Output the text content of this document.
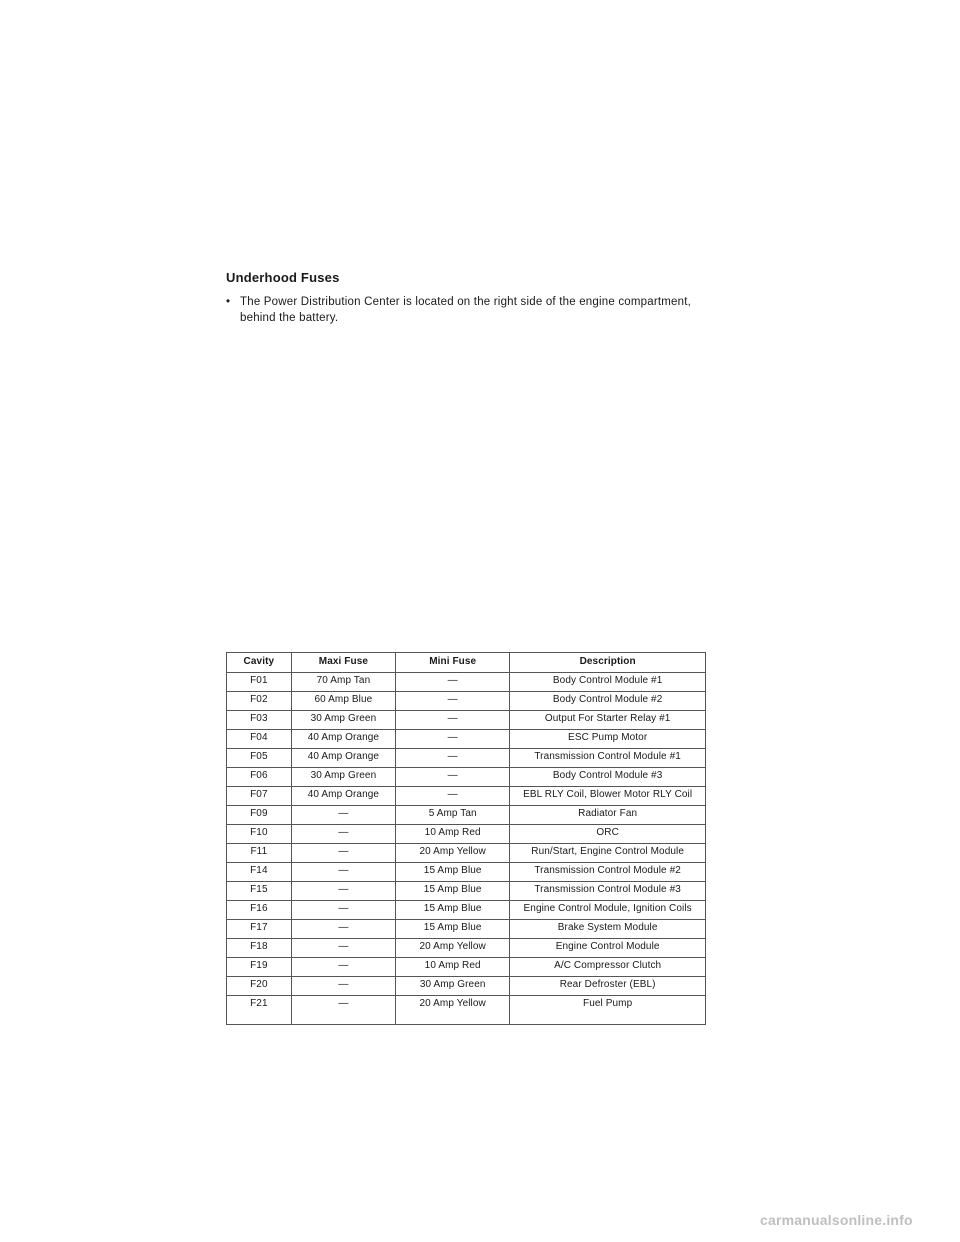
Underhood Fuses
• The Power Distribution Center is located on the right side of the engine compartment,
behind the battery.
Cavity	Maxi Fuse	Mini Fuse	Description
F01	70 Amp Tan	—	Body Control Module #1
F02	60 Amp Blue	—	Body Control Module #2
F03	30 Amp Green	—	Output For Starter Relay #1
F04	40 Amp Orange	—	ESC Pump Motor
F05	40 Amp Orange	—	Transmission Control Module #1
F06	30 Amp Green	—	Body Control Module #3
F07	40 Amp Orange	—	EBL RLY Coil, Blower Motor RLY Coil
F09	—	5 Amp Tan	Radiator Fan
F10	—	10 Amp Red	ORC
F11	—	20 Amp Yellow	Run/Start, Engine Control Module
F14	—	15 Amp Blue	Transmission Control Module #2
F15	—	15 Amp Blue	Transmission Control Module #3
F16	—	15 Amp Blue	Engine Control Module, Ignition Coils
F17	—	15 Amp Blue	Brake System Module
F18	—	20 Amp Yellow	Engine Control Module
F19	—	10 Amp Red	A/C Compressor Clutch
F20	—	30 Amp Green	Rear Defroster (EBL)
F21	—	20 Amp Yellow	Fuel Pump
carmanualsonline.info
